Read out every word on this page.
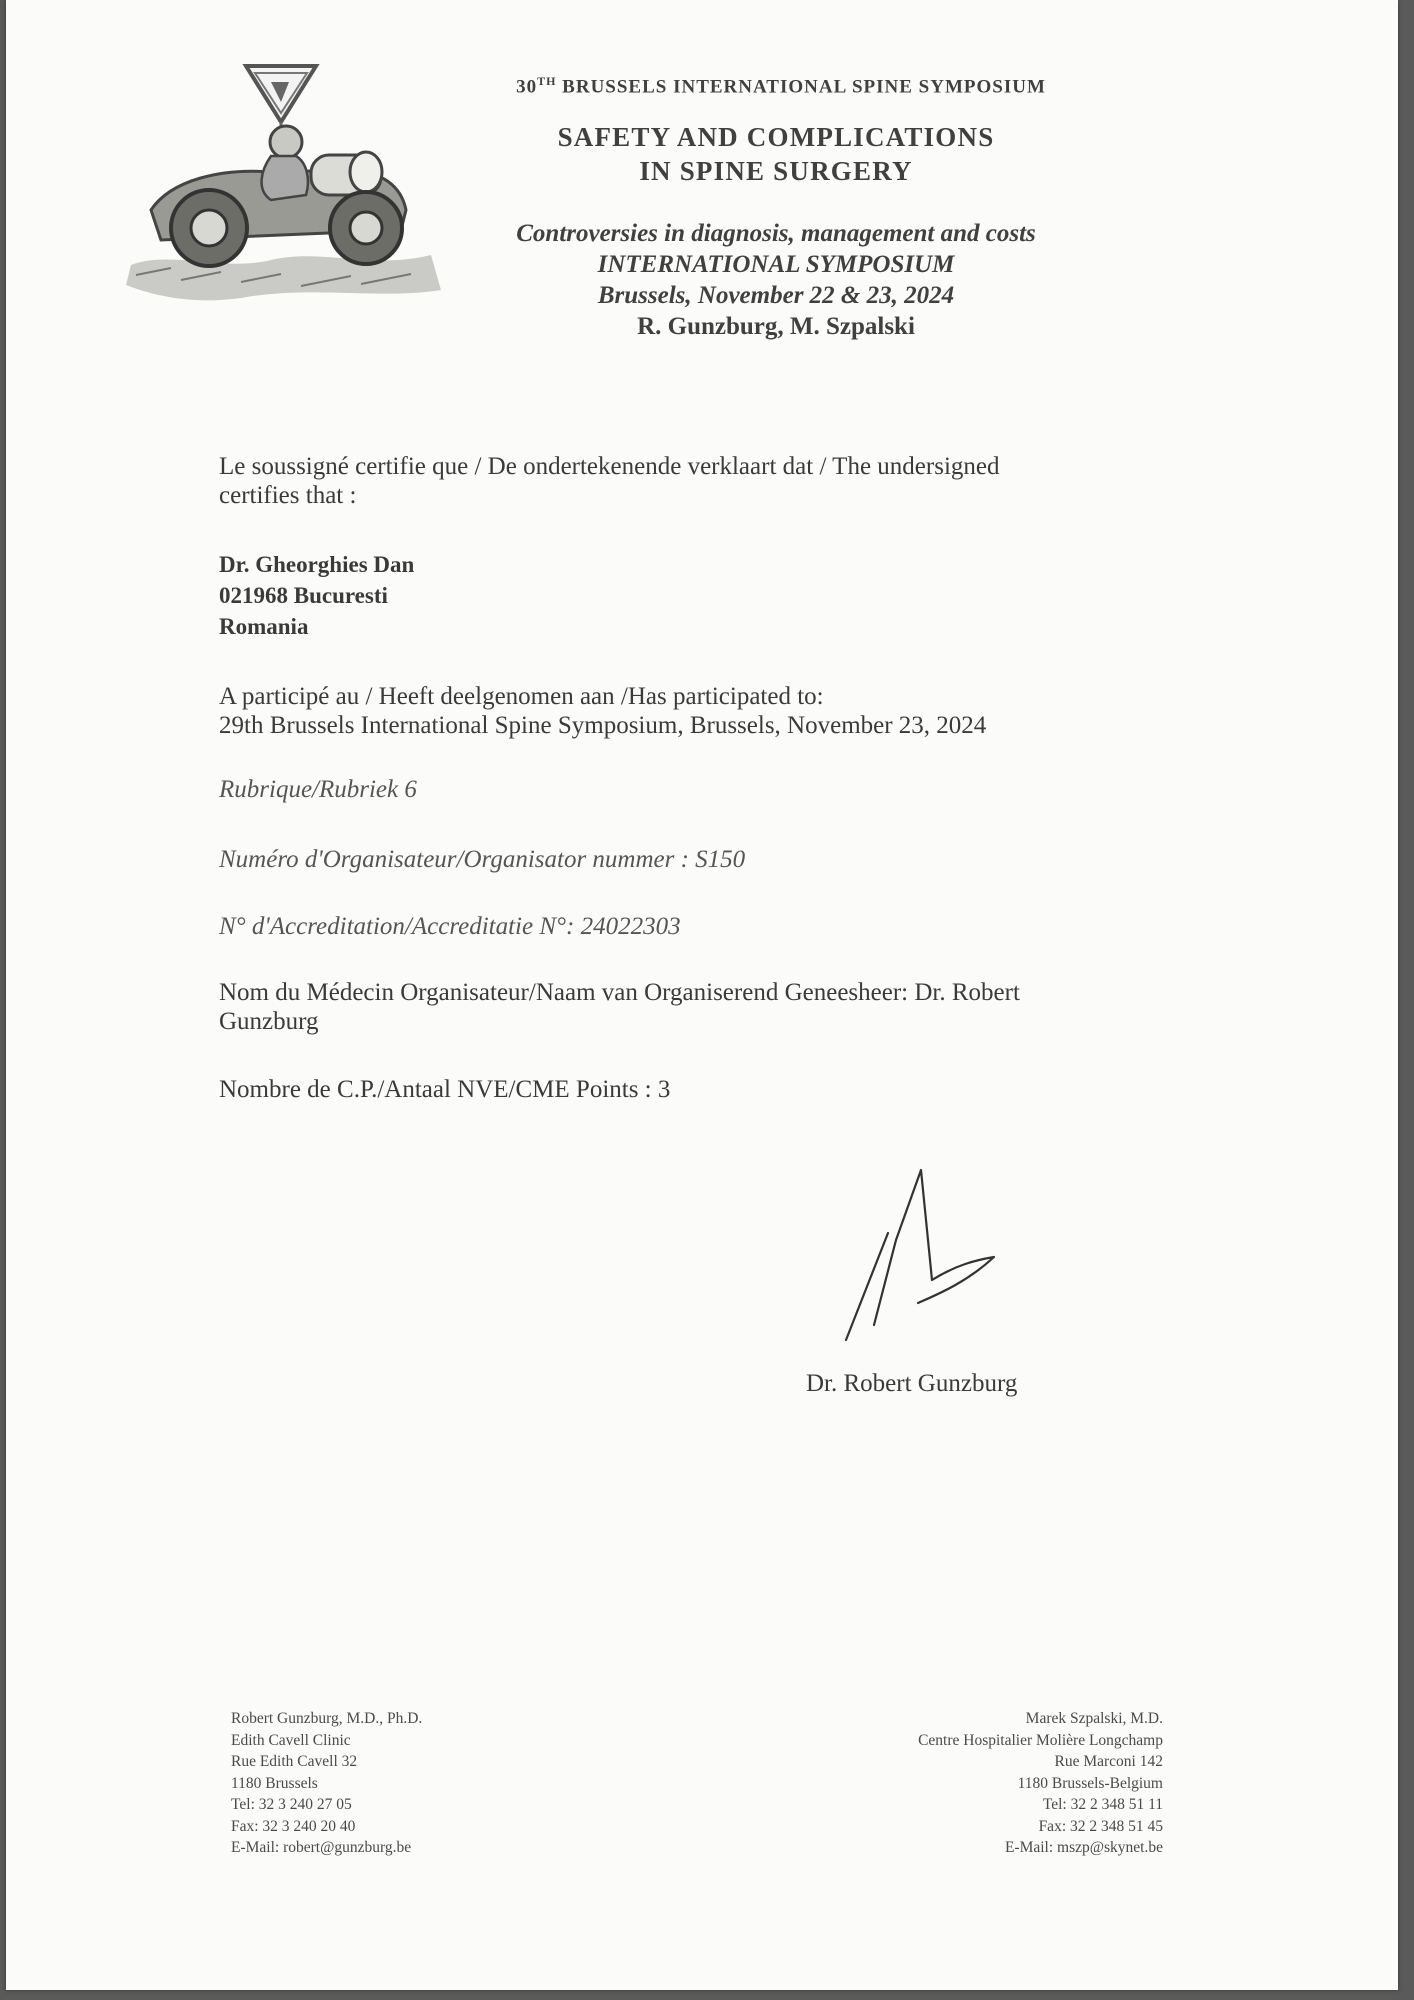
30TH BRUSSELS INTERNATIONAL SPINE SYMPOSIUM
SAFETY AND COMPLICATIONS
IN SPINE SURGERY
Controversies in diagnosis, management and costs
INTERNATIONAL SYMPOSIUM
Brussels, November 22 & 23, 2024
R. Gunzburg, M. Szpalski
Le soussigné certifie que / De ondertekenende verklaart dat / The undersigned
certifies that :
Dr. Gheorghies Dan
021968 Bucuresti
Romania
A participé au / Heeft deelgenomen aan /Has participated to:
29th Brussels International Spine Symposium, Brussels, November 23, 2024
Rubrique/Rubriek 6
Numéro d'Organisateur/Organisator nummer : S150
N° d'Accreditation/Accreditatie N°: 24022303
Nom du Médecin Organisateur/Naam van Organiserend Geneesheer: Dr. Robert
Gunzburg
Nombre de C.P./Antaal NVE/CME Points : 3
Dr. Robert Gunzburg
Robert Gunzburg, M.D., Ph.D.
Edith Cavell Clinic
Rue Edith Cavell 32
1180 Brussels
Tel: 32 3 240 27 05
Fax: 32 3 240 20 40
E-Mail: robert@gunzburg.be
Marek Szpalski, M.D.
Centre Hospitalier Molière Longchamp
Rue Marconi 142
1180 Brussels-Belgium
Tel: 32 2 348 51 11
Fax: 32 2 348 51 45
E-Mail: mszp@skynet.be
